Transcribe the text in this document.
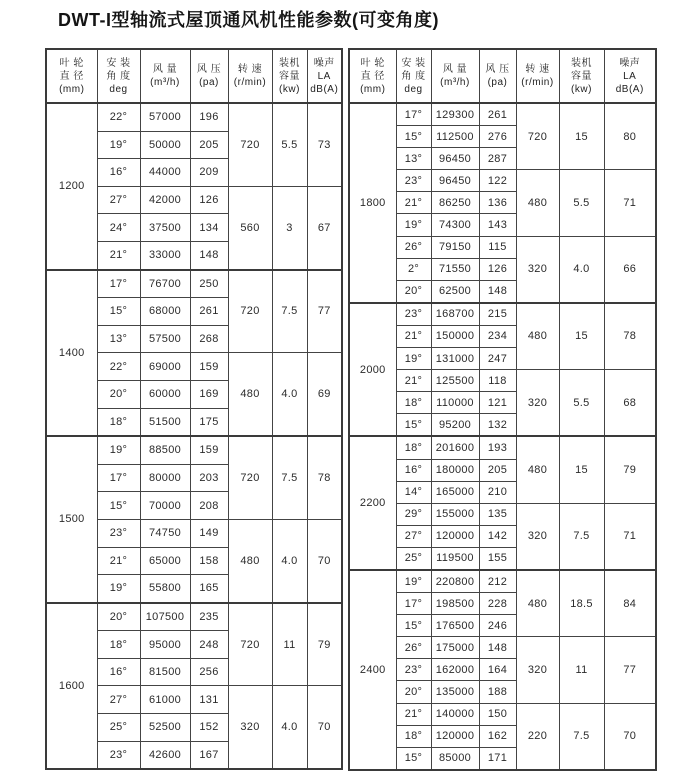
DWT-I型轴流式屋顶通风机性能参数(可变角度)
叶 轮
直 径
(mm)	安 装
角 度
deg	风 量
(m³/h)	风 压
(pa)	转 速
(r/min)	装机
容量
(kw)	噪声
LA
dB(A)
1200	22°	57000	196	720	5.5	73
	19°	50000	205			
	16°	44000	209			
	27°	42000	126	560	3	67
	24°	37500	134			
	21°	33000	148			
1400	17°	76700	250	720	7.5	77
	15°	68000	261			
	13°	57500	268			
	22°	69000	159	480	4.0	69
	20°	60000	169			
	18°	51500	175			
1500	19°	88500	159	720	7.5	78
	17°	80000	203			
	15°	70000	208			
	23°	74750	149	480	4.0	70
	21°	65000	158			
	19°	55800	165			
1600	20°	107500	235	720	11	79
	18°	95000	248			
	16°	81500	256			
	27°	61000	131	320	4.0	70
	25°	52500	152			
	23°	42600	167			
叶 轮
直 径
(mm)	安 装
角 度
deg	风 量
(m³/h)	风 压
(pa)	转 速
(r/min)	装机
容量
(kw)	噪声
LA
dB(A)
1800	17°	129300	261	720	15	80
	15°	112500	276			
	13°	96450	287			
	23°	96450	122	480	5.5	71
	21°	86250	136			
	19°	74300	143			
	26°	79150	115	320	4.0	66
	2°	71550	126			
	20°	62500	148			
2000	23°	168700	215	480	15	78
	21°	150000	234			
	19°	131000	247			
	21°	125500	118	320	5.5	68
	18°	110000	121			
	15°	95200	132			
2200	18°	201600	193	480	15	79
	16°	180000	205			
	14°	165000	210			
	29°	155000	135	320	7.5	71
	27°	120000	142			
	25°	119500	155			
2400	19°	220800	212	480	18.5	84
	17°	198500	228			
	15°	176500	246			
	26°	175000	148	320	11	77
	23°	162000	164			
	20°	135000	188			
	21°	140000	150	220	7.5	70
	18°	120000	162			
	15°	85000	171			
